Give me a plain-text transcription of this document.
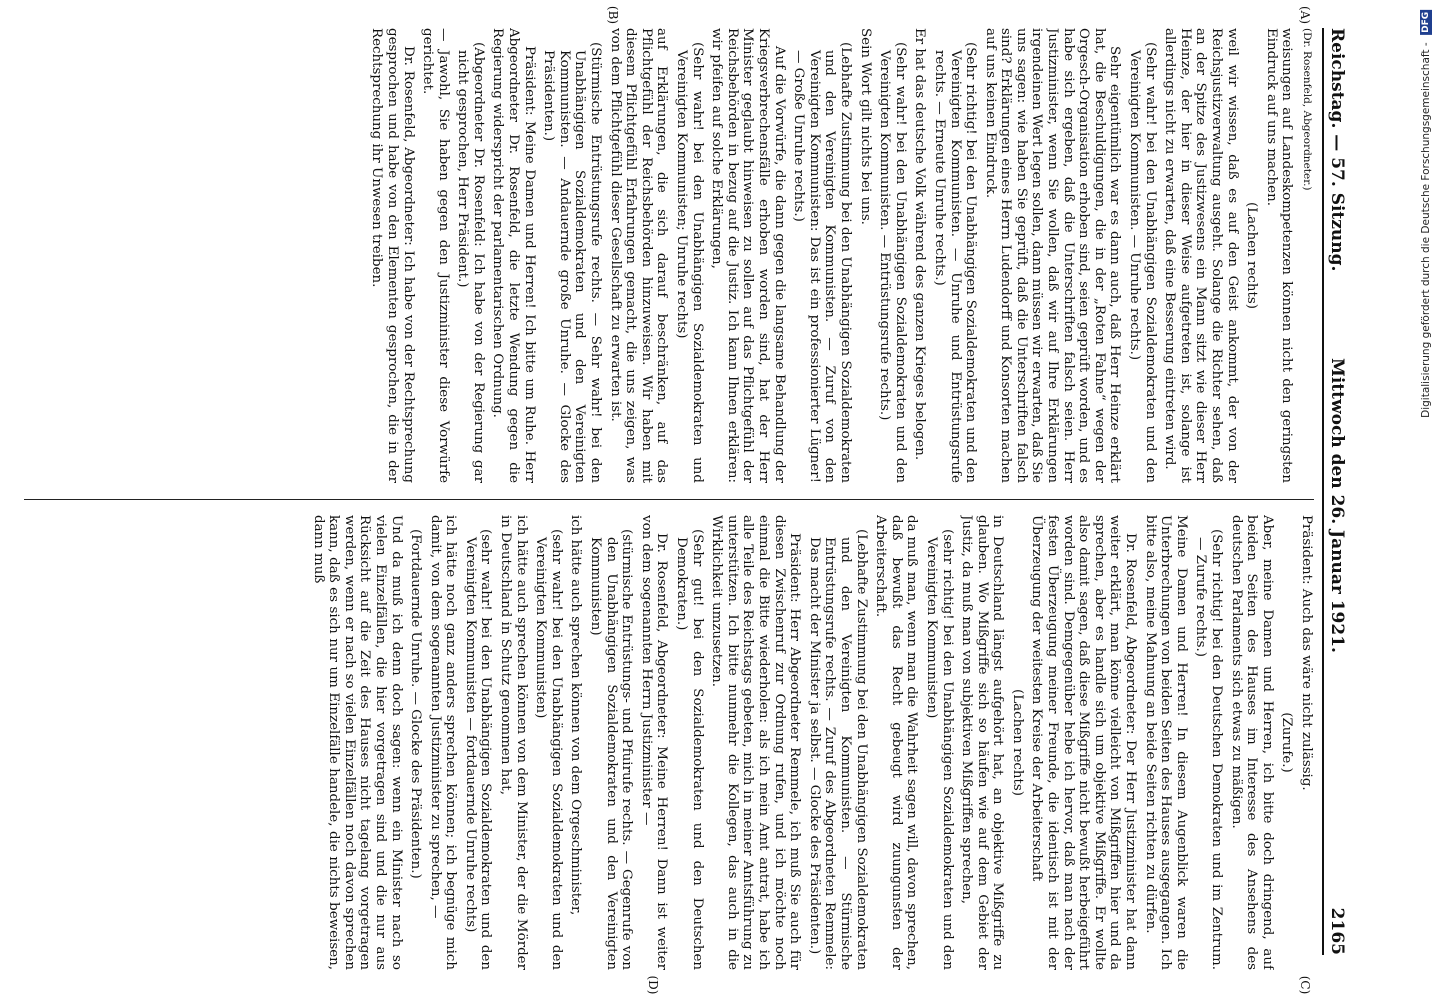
Reichstag. — 57. Sitzung.
Mittwoch den 26. Januar 1921.
2165
(A)
(B)
(C)
(D)

(Dr. Rosenfeld, Abgeordneter.)

weisungen auf Landeskompetenzen können nicht den geringsten Eindruck auf uns machen.

(Lachen rechts)

weil wir wissen, daß es auf den Geist ankommt, der von der Reichsjustizverwaltung ausgeht. Solange die Richter sehen, daß an der Spitze des Justizwesens ein Mann sitzt wie dieser Herr Heinze, der hier in dieser Weise aufgetreten ist, solange ist allerdings nicht zu erwarten, daß eine Besserung eintreten wird.

(Sehr wahr! bei den Unabhängigen Sozialdemokraten und den Vereinigten Kommunisten. — Unruhe rechts.)

Sehr eigentümlich war es dann auch, daß Herr Heinze erklärt hat, die Beschuldigungen, die in der „Roten Fahne“ wegen der Orgesch-Organisation erhoben sind, seien geprüft worden, und es habe sich ergeben, daß die Unterschriften falsch seien. Herr Justizminister, wenn Sie wollen, daß wir auf Ihre Erklärungen irgendeinen Wert legen sollen, dann müssen wir erwarten, daß Sie uns sagen: wie haben Sie geprüft, daß die Unterschriften falsch sind? Erklärungen eines Herrn Ludendorff und Konsorten machen auf uns keinen Eindruck.

(Sehr richtig! bei den Unabhängigen Sozialdemokraten und den Vereinigten Kommunisten. — Unruhe und Entrüstungsrufe rechts. — Erneute Unruhe rechts.)

Er hat das deutsche Volk während des ganzen Krieges belogen.

(Sehr wahr! bei den Unabhängigen Sozialdemokraten und den Vereinigten Kommunisten. — Entrüstungsrufe rechts.)

Sein Wort gilt nichts bei uns.

(Lebhafte Zustimmung bei den Unabhängigen Sozialdemokraten und den Vereinigten Kommunisten. — Zuruf von den Vereinigten Kommunisten: Das ist ein professionierter Lügner! — Große Unruhe rechts.)

Auf die Vorwürfe, die dann gegen die langsame Behandlung der Kriegsverbrechensfälle erhoben worden sind, hat der Herr Minister geglaubt hinweisen zu sollen auf das Pflichtgefühl der Reichsbehörden in bezug auf die Justiz. Ich kann Ihnen erklären: wir pfeifen auf solche Erklärungen,

(Sehr wahr! bei den Unabhängigen Sozialdemokraten und Vereinigten Kommunisten; Unruhe rechts)

auf Erklärungen, die sich darauf beschränken, auf das Pflichtgefühl der Reichsbehörden hinzuweisen. Wir haben mit diesem Pflichtgefühl Erfahrungen gemacht, die uns zeigen, was von dem Pflichtgefühl dieser Gesellschaft zu erwarten ist.

(Stürmische Entrüstungsrufe rechts. — Sehr wahr! bei den Unabhängigen Sozialdemokraten und den Vereinigten Kommunisten. — Andauernde große Unruhe. — Glocke des Präsidenten.)

Präsident: Meine Damen und Herren! Ich bitte um Ruhe. Herr Abgeordneter Dr. Rosenfeld, die letzte Wendung gegen die Regierung widerspricht der parlamentarischen Ordnung.

(Abgeordneter Dr. Rosenfeld: Ich habe von der Regierung gar nicht gesprochen, Herr Präsident.)

— Jawohl, Sie haben gegen den Justizminister diese Vorwürfe gerichtet.

Dr. Rosenfeld, Abgeordneter: Ich habe von der Rechtsprechung gesprochen und habe von den Elementen gesprochen, die in der Rechtsprechung ihr Unwesen treiben.

Präsident: Auch das wäre nicht zulässig.

(Zurufe.)

Aber, meine Damen und Herren, ich bitte doch dringend, auf beiden Seiten des Hauses im Interesse des Ansehens des deutschen Parlaments sich etwas zu mäßigen.

(Sehr richtig! bei den Deutschen Demokraten und im Zentrum. — Zurufe rechts.)

Meine Damen und Herren! In diesem Augenblick waren die Unterbrechungen von beiden Seiten des Hauses ausgegangen. Ich bitte also, meine Mahnung an beide Seiten richten zu dürfen.

Dr. Rosenfeld, Abgeordneter: Der Herr Justizminister hat dann weiter erklärt, man könne vielleicht von Mißgriffen hier und da sprechen, aber es handle sich um objektive Mißgriffe. Er wollte also damit sagen, daß diese Mißgriffe nicht bewußt herbeigeführt worden sind. Demgegenüber hebe ich hervor, daß man nach der festen Überzeugung meiner Freunde, die identisch ist mit der Überzeugung der weitesten Kreise der Arbeiterschaft

(Lachen rechts)

in Deutschland längst aufgehört hat, an objektive Mißgriffe zu glauben. Wo Mißgriffe sich so häufen wie auf dem Gebiet der Justiz, da muß man von subjektiven Mißgriffen sprechen,

(sehr richtig! bei den Unabhängigen Sozialdemokraten und den Vereinigten Kommunisten)

da muß man, wenn man die Wahrheit sagen will, davon sprechen, daß bewußt das Recht gebeugt wird zuungunsten der Arbeiterschaft.

(Lebhafte Zustimmung bei den Unabhängigen Sozialdemokraten und den Vereinigten Kommunisten. — Stürmische Entrüstungsrufe rechts. — Zuruf des Abgeordneten Remmele: Das macht der Minister ja selbst. — Glocke des Präsidenten.)

Präsident: Herr Abgeordneter Remmele, ich muß Sie auch für diesen Zwischenruf zur Ordnung rufen, und ich möchte noch einmal die Bitte wiederholen: als ich mein Amt antrat, habe ich alle Teile des Reichstags gebeten, mich in meiner Amtsführung zu unterstützen. Ich bitte nunmehr die Kollegen, das auch in die Wirklichkeit umzusetzen.

(Sehr gut! bei den Sozialdemokraten und den Deutschen Demokraten.)

Dr. Rosenfeld, Abgeordneter: Meine Herren! Dann ist weiter von dem sogenannten Herrn Justizminister —

(stürmische Entrüstungs- und Pfuirufe rechts. — Gegenrufe von den Unabhängigen Sozialdemokraten und den Vereinigten Kommunisten)

ich hätte auch sprechen können von dem Orgeschminister,

(sehr wahr! bei den Unabhängigen Sozialdemokraten und den Vereinigten Kommunisten)

ich hätte auch sprechen können von dem Minister, der die Mörder in Deutschland in Schutz genommen hat,

(sehr wahr! bei den Unabhängigen Sozialdemokraten und den Vereinigten Kommunisten — fortdauernde Unruhe rechts)

ich hätte noch ganz anders sprechen können; ich begnüge mich damit, von dem sogenannten Justizminister zu sprechen, —

(Fortdauernde Unruhe. — Glocke des Präsidenten.)

Und da muß ich denn doch sagen: wenn ein Minister nach so vielen Einzelfällen, die hier vorgetragen sind und die nur aus Rücksicht auf die Zeit des Hauses nicht tagelang vorgetragen werden, wenn er nach so vielen Einzelfällen noch davon sprechen kann, daß es sich nur um Einzelfälle handele, die nichts beweisen, dann muß

Digitalisierung gefördert durch die Deutsche Forschungsgemeinschaft - DFG
